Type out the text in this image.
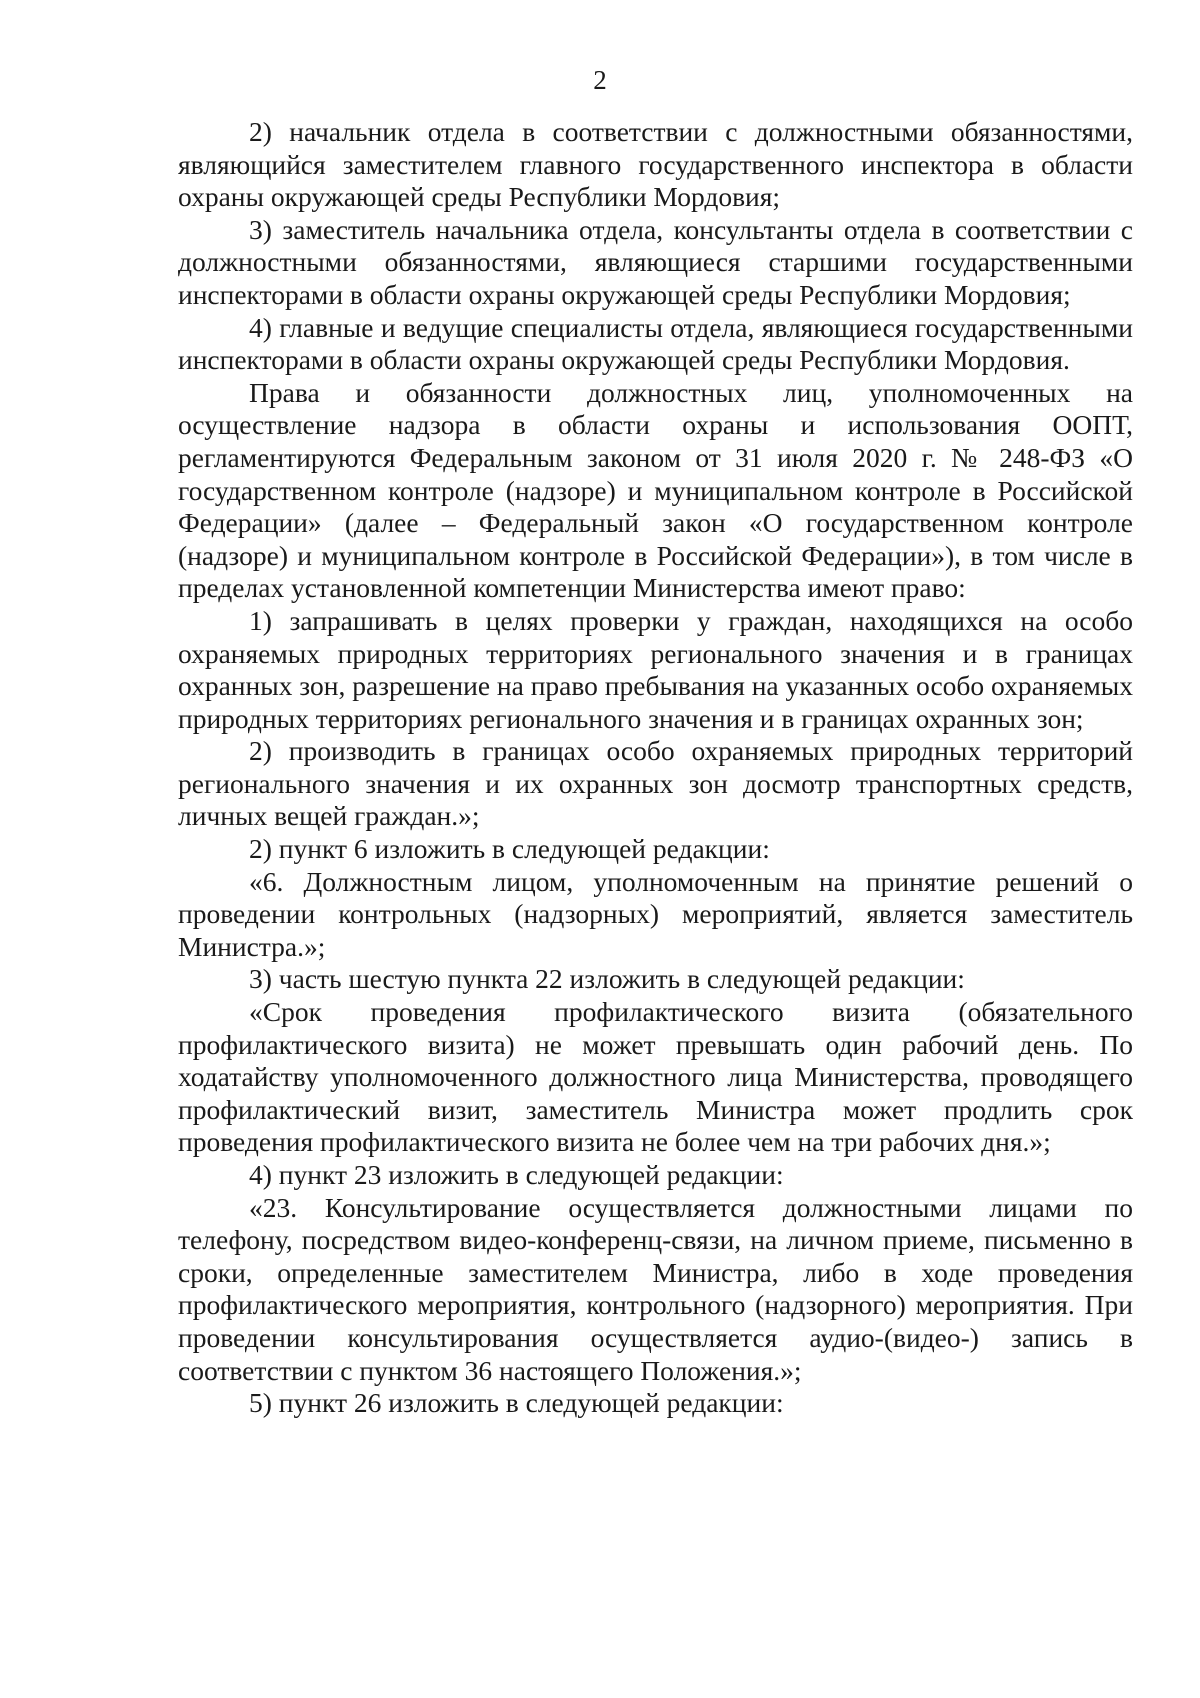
2

2) начальник отдела в соответствии с должностными обязанностями, являющийся заместителем главного государственного инспектора в области охраны окружающей среды Республики Мордовия;

3) заместитель начальника отдела, консультанты отдела в соответствии с должностными обязанностями, являющиеся старшими государственными инспекторами в области охраны окружающей среды Республики Мордовия;

4) главные и ведущие специалисты отдела, являющиеся государственными инспекторами в области охраны окружающей среды Республики Мордовия.

Права и обязанности должностных лиц, уполномоченных на осуществление надзора в области охраны и использования ООПТ, регламентируются Федеральным законом от 31 июля 2020 г. № 248-ФЗ «О государственном контроле (надзоре) и муниципальном контроле в Российской Федерации» (далее – Федеральный закон «О государственном контроле (надзоре) и муниципальном контроле в Российской Федерации»), в том числе в пределах установленной компетенции Министерства имеют право:

1) запрашивать в целях проверки у граждан, находящихся на особо охраняемых природных территориях регионального значения и в границах охранных зон, разрешение на право пребывания на указанных особо охраняемых природных территориях регионального значения и в границах охранных зон;

2) производить в границах особо охраняемых природных территорий регионального значения и их охранных зон досмотр транспортных средств, личных вещей граждан.»;

2) пункт 6 изложить в следующей редакции:

«6. Должностным лицом, уполномоченным на принятие решений о проведении контрольных (надзорных) мероприятий, является заместитель Министра.»;

3) часть шестую пункта 22 изложить в следующей редакции:

«Срок проведения профилактического визита (обязательного профилактического визита) не может превышать один рабочий день. По ходатайству уполномоченного должностного лица Министерства, проводящего профилактический визит, заместитель Министра может продлить срок проведения профилактического визита не более чем на три рабочих дня.»;

4) пункт 23 изложить в следующей редакции:

«23. Консультирование осуществляется должностными лицами по телефону, посредством видео-конференц-связи, на личном приеме, письменно в сроки, определенные заместителем Министра, либо в ходе проведения профилактического мероприятия, контрольного (надзорного) мероприятия. При проведении консультирования осуществляется аудио-(видео-) запись в соответствии с пунктом 36 настоящего Положения.»;

5) пункт 26 изложить в следующей редакции:
